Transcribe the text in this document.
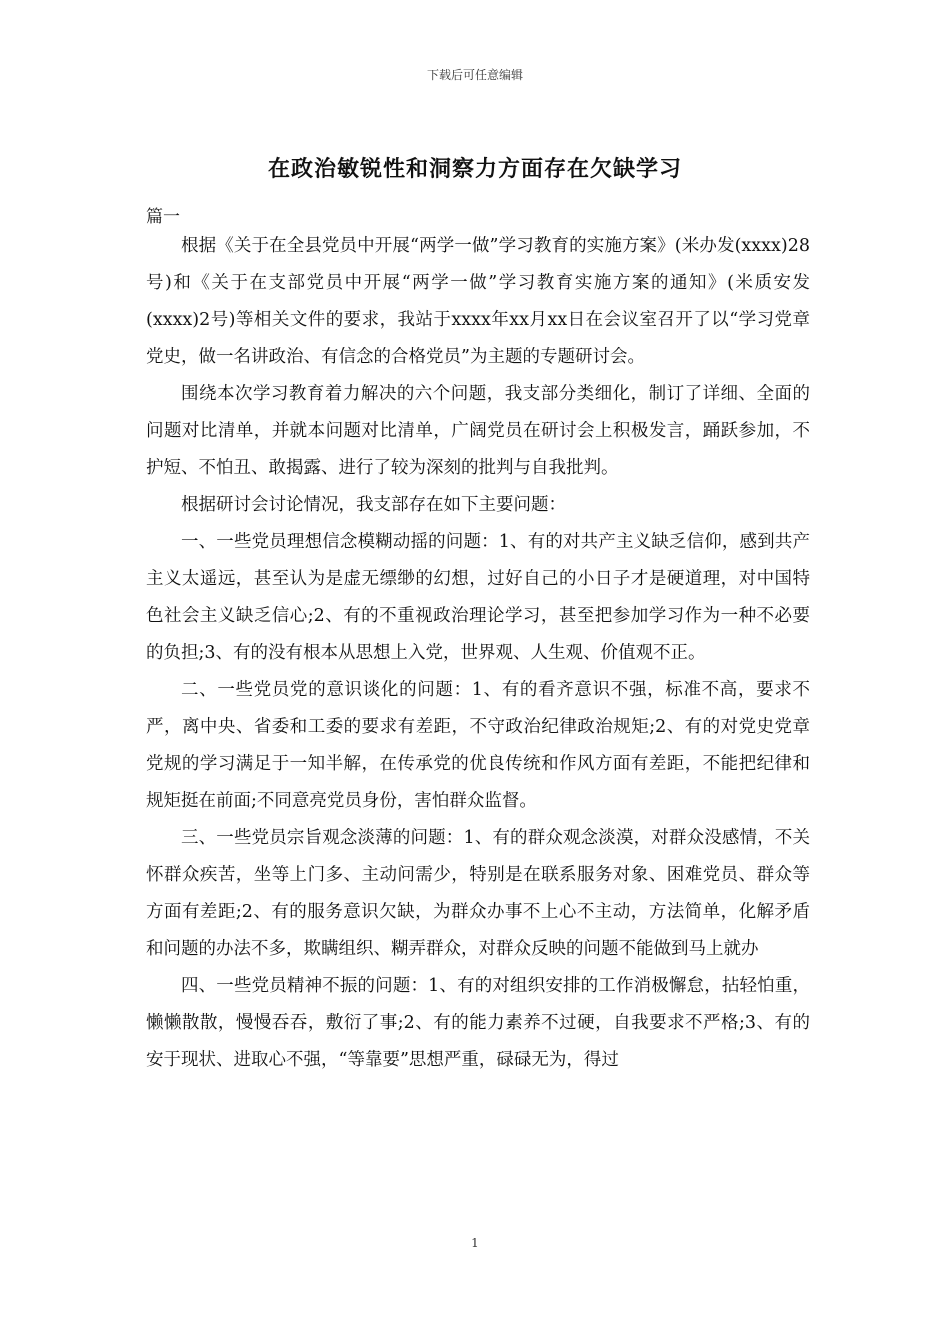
下载后可任意编辑
在政治敏锐性和洞察力方面存在欠缺学习
篇一

根据《关于在全县党员中开展“两学一做”学习教育的实施方案》(米办发(xxxx)28号)和《关于在支部党员中开展“两学一做”学习教育实施方案的通知》(米质安发(xxxx)2号)等相关文件的要求，我站于xxxx年xx月xx日在会议室召开了以“学习党章党史，做一名讲政治、有信念的合格党员”为主题的专题研讨会。

围绕本次学习教育着力解决的六个问题，我支部分类细化，制订了详细、全面的问题对比清单，并就本问题对比清单，广阔党员在研讨会上积极发言，踊跃参加，不护短、不怕丑、敢揭露、进行了较为深刻的批判与自我批判。

根据研讨会讨论情况，我支部存在如下主要问题：

一、一些党员理想信念模糊动摇的问题：1、有的对共产主义缺乏信仰，感到共产主义太遥远，甚至认为是虚无缥缈的幻想，过好自己的小日子才是硬道理，对中国特色社会主义缺乏信心;2、有的不重视政治理论学习，甚至把参加学习作为一种不必要的负担;3、有的没有根本从思想上入党，世界观、人生观、价值观不正。

二、一些党员党的意识谈化的问题：1、有的看齐意识不强，标准不高，要求不严，离中央、省委和工委的要求有差距，不守政治纪律政治规矩;2、有的对党史党章党规的学习满足于一知半解，在传承党的优良传统和作风方面有差距，不能把纪律和规矩挺在前面;不同意亮党员身份，害怕群众监督。

三、一些党员宗旨观念淡薄的问题：1、有的群众观念淡漠，对群众没感情，不关怀群众疾苦，坐等上门多、主动问需少，特别是在联系服务对象、困难党员、群众等方面有差距;2、有的服务意识欠缺，为群众办事不上心不主动，方法简单，化解矛盾和问题的办法不多，欺瞒组织、糊弄群众，对群众反映的问题不能做到马上就办

四、一些党员精神不振的问题：1、有的对组织安排的工作消极懈怠，拈轻怕重，懒懒散散，慢慢吞吞，敷衍了事;2、有的能力素养不过硬，自我要求不严格;3、有的安于现状、进取心不强，“等靠要”思想严重，碌碌无为，得过

1
